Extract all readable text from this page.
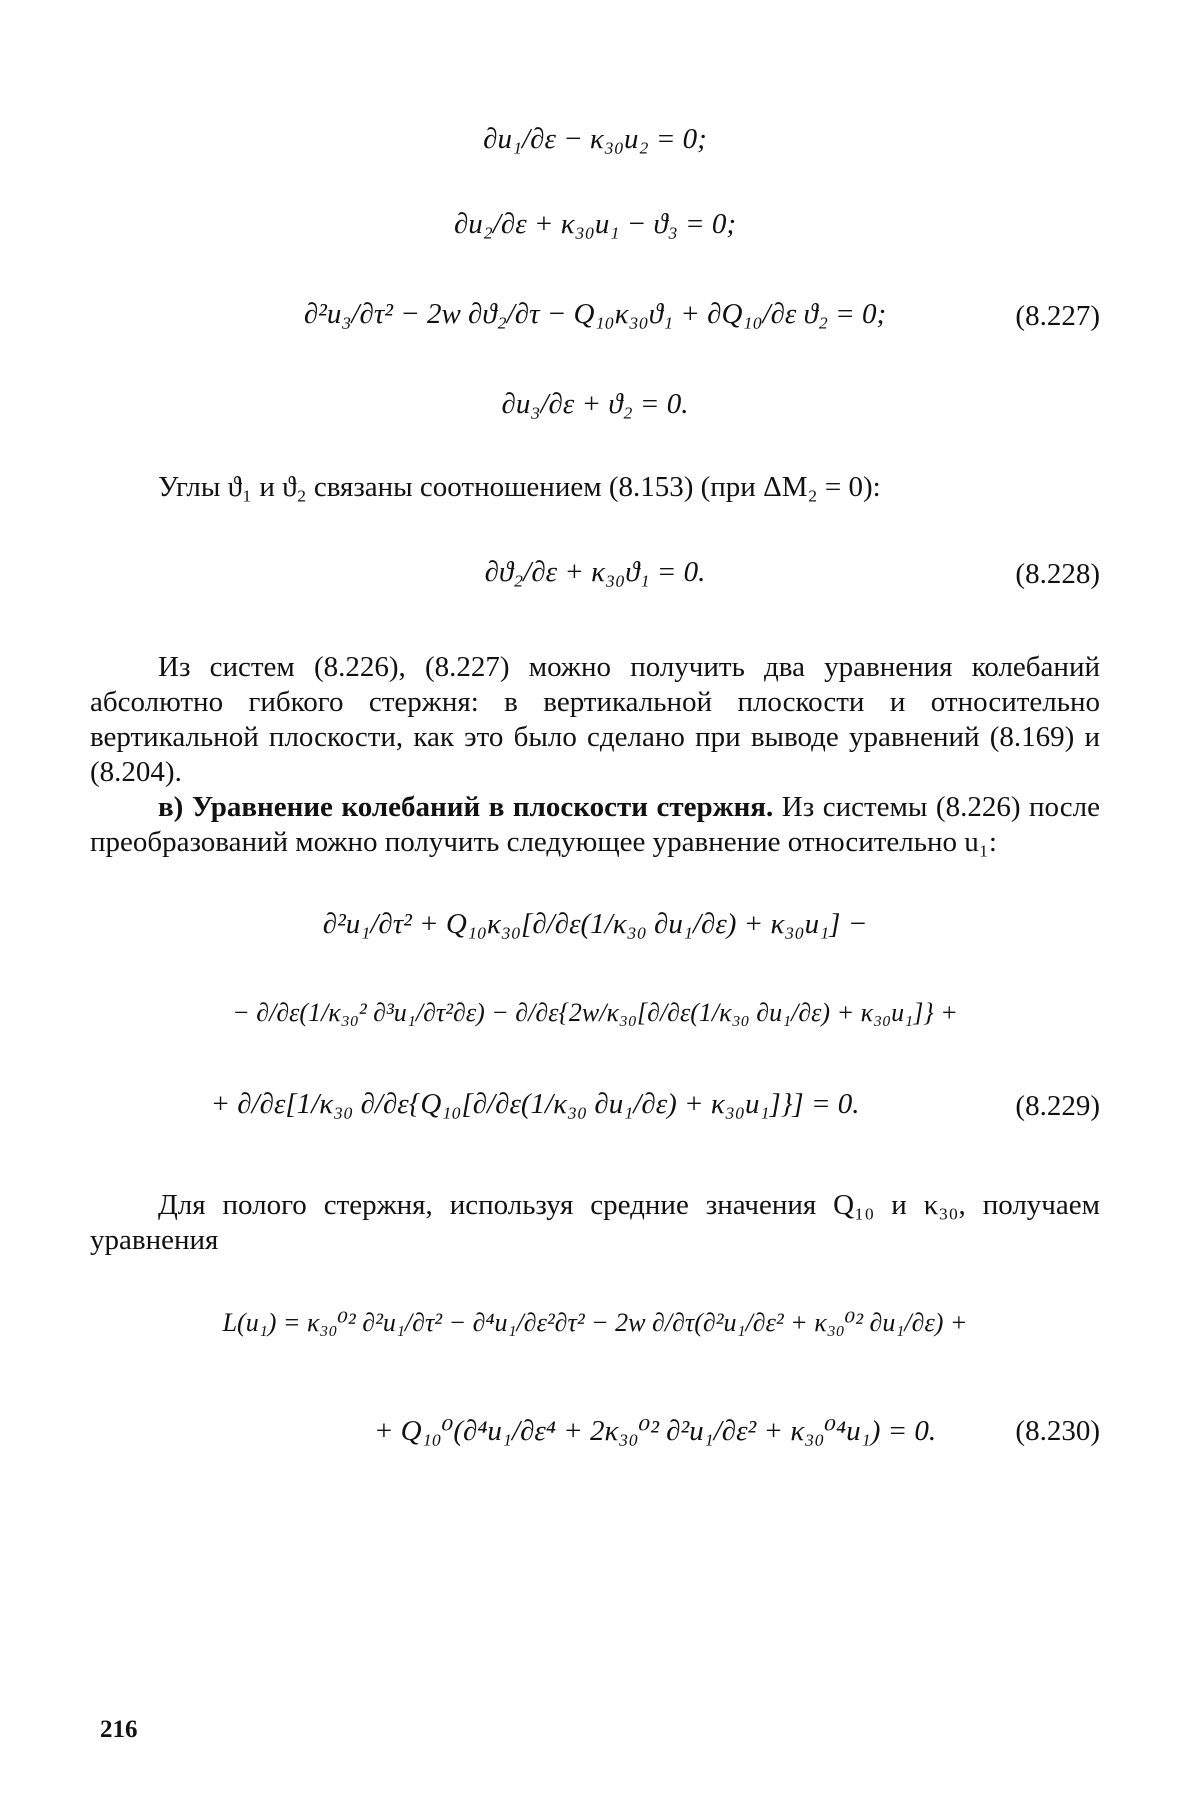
∂u₁/∂ε − κ₃₀u₂ = 0;
∂u₂/∂ε + κ₃₀u₁ − ϑ₃ = 0;
∂²u₃/∂τ² − 2w ∂ϑ₂/∂τ − Q₁₀κ₃₀ϑ₁ + ∂Q₁₀/∂ε ϑ₂ = 0;	(8.227)
∂u₃/∂ε + ϑ₂ = 0.
Углы ϑ₁ и ϑ₂ связаны соотношением (8.153) (при ΔM₂ = 0):
∂ϑ₂/∂ε + κ₃₀ϑ₁ = 0.	(8.228)
Из систем (8.226), (8.227) можно получить два уравнения колебаний абсолютно гибкого стержня: в вертикальной плоскости и относительно вертикальной плоскости, как это было сделано при выводе уравнений (8.169) и (8.204).
в) Уравнение колебаний в плоскости стержня. Из системы (8.226) после преобразований можно получить следующее уравнение относительно u₁:
∂²u₁/∂τ² + Q₁₀κ₃₀[∂/∂ε(1/κ₃₀ ∂u₁/∂ε) + κ₃₀u₁] −
− ∂/∂ε(1/κ₃₀² ∂³u₁/∂τ²∂ε) − ∂/∂ε{2w/κ₃₀[∂/∂ε(1/κ₃₀ ∂u₁/∂ε) + κ₃₀u₁]} +
+ ∂/∂ε[1/κ₃₀ ∂/∂ε{Q₁₀[∂/∂ε(1/κ₃₀ ∂u₁/∂ε) + κ₃₀u₁]}] = 0.	(8.229)
Для полого стержня, используя средние значения Q₁₀ и κ₃₀, получаем уравнения
L(u₁) = κ₃₀⁰² ∂²u₁/∂τ² − ∂⁴u₁/∂ε²∂τ² − 2w ∂/∂τ(∂²u₁/∂ε² + κ₃₀⁰² ∂u₁/∂ε) +
+ Q₁₀⁰(∂⁴u₁/∂ε⁴ + 2κ₃₀⁰² ∂²u₁/∂ε² + κ₃₀⁰⁴u₁) = 0.	(8.230)
216
